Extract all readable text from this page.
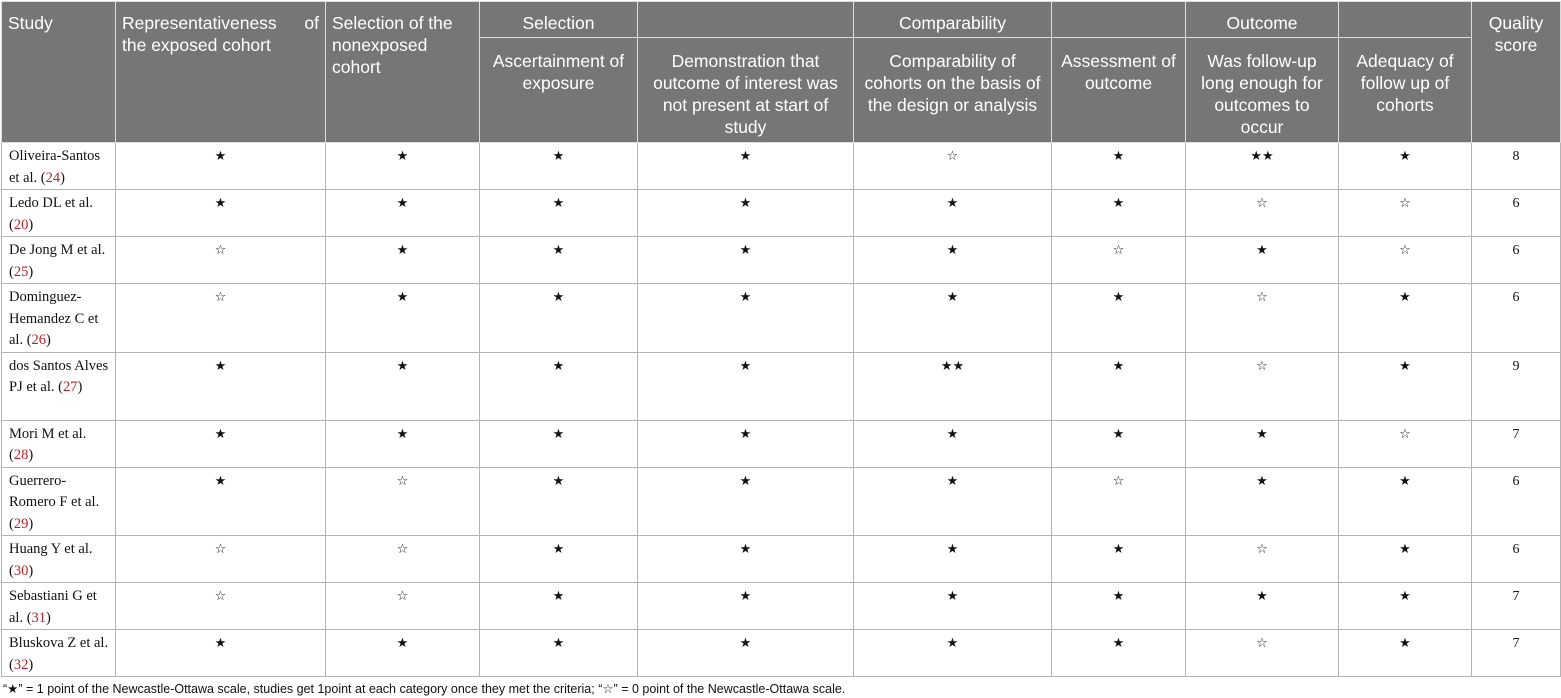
Study	Representativeness of the exposed cohort	Selection of the nonexposed cohort	Selection		Comparability		Outcome		Quality score
			Ascertainment of exposure	Demonstration that outcome of interest was not present at start of study	Comparability of cohorts on the basis of the design or analysis	Assessment of outcome	Was follow-up long enough for outcomes to occur	Adequacy of follow up of cohorts	
Oliveira-Santos et al. (24)	★	★	★	★	☆	★	★★	★	8
Ledo DL et al. (20)	★	★	★	★	★	★	☆	☆	6
De Jong M et al. (25)	☆	★	★	★	★	☆	★	☆	6
Dominguez-Hemandez C et al. (26)	☆	★	★	★	★	★	☆	★	6
dos Santos Alves PJ et al. (27)	★	★	★	★	★★	★	☆	★	9
Mori M et al. (28)	★	★	★	★	★	★	★	☆	7
Guerrero-Romero F et al. (29)	★	☆	★	★	★	☆	★	★	6
Huang Y et al. (30)	☆	☆	★	★	★	★	☆	★	6
Sebastiani G et al. (31)	☆	☆	★	★	★	★	★	★	7
Bluskova Z et al. (32)	★	★	★	★	★	★	☆	★	7
“★” = 1 point of the Newcastle-Ottawa scale, studies get 1point at each category once they met the criteria; “☆” = 0 point of the Newcastle-Ottawa scale.
